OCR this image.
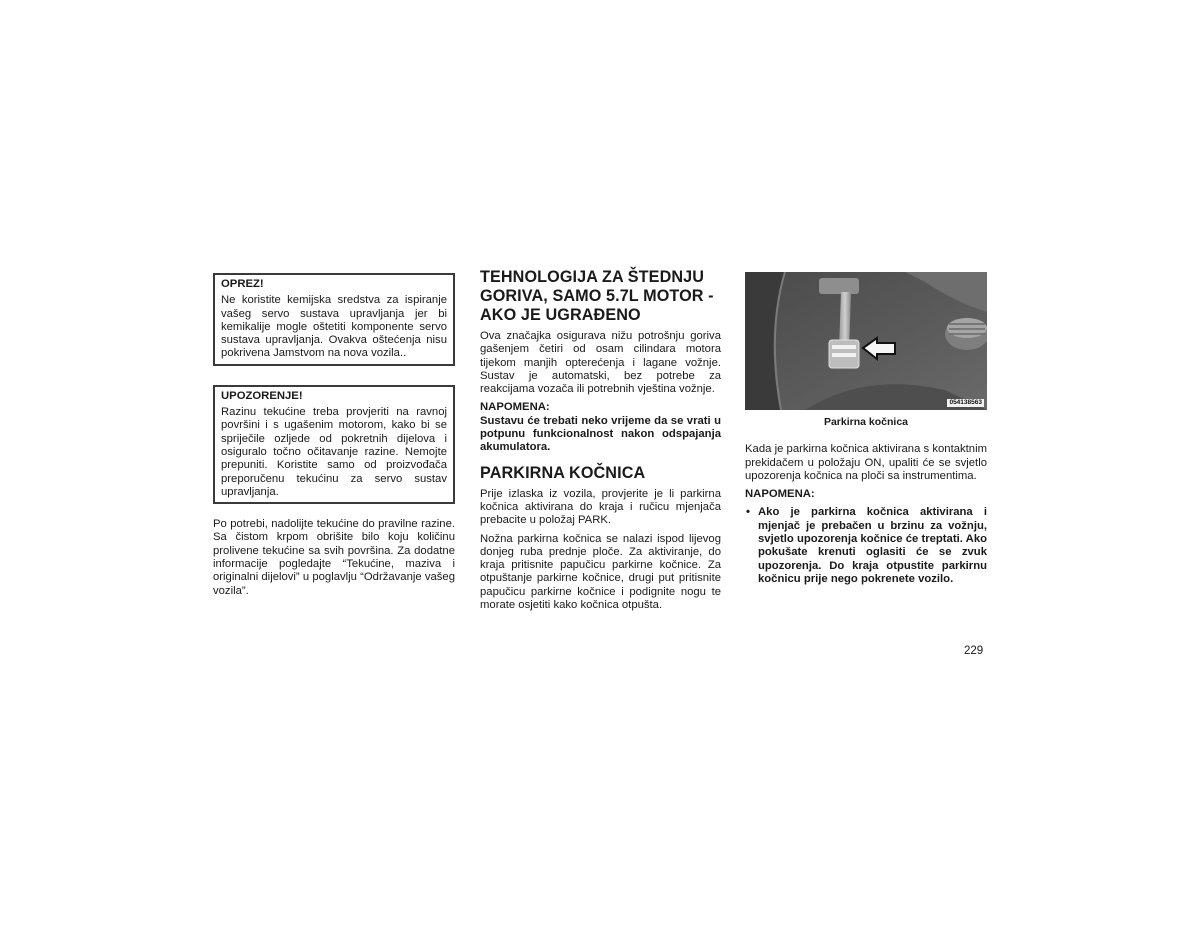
OPREZ!

Ne koristite kemijska sredstva za ispiranje vašeg servo sustava upravljanja jer bi kemikalije mogle oštetiti komponente servo sustava upravljanja. Ovakva oštećenja nisu pokrivena Jamstvom na nova vozila..

UPOZORENJE!

Razinu tekućine treba provjeriti na ravnoj površini i s ugašenim motorom, kako bi se spriječile ozljede od pokretnih dijelova i osiguralo točno očitavanje razine. Nemojte prepuniti. Koristite samo od proizvođača preporučenu tekućinu za servo sustav upravljanja.

Po potrebi, nadolijte tekućine do pravilne razine. Sa čistom krpom obrišite bilo koju količinu prolivene tekućine sa svih površina. Za dodatne informacije pogledajte “Tekućine, maziva i originalni dijelovi” u poglavlju “Održavanje vašeg vozila”.

TEHNOLOGIJA ZA ŠTEDNJU GORIVA, SAMO 5.7L MOTOR - AKO JE UGRAĐENO

Ova značajka osigurava nižu potrošnju goriva gašenjem četiri od osam cilindara motora tijekom manjih opterećenja i lagane vožnje. Sustav je automatski, bez potrebe za reakcijama vozača ili potrebnih vještina vožnje.

NAPOMENA:

Sustavu će trebati neko vrijeme da se vrati u potpunu funkcionalnost nakon odspajanja akumulatora.

PARKIRNA KOČNICA

Prije izlaska iz vozila, provjerite je li parkirna kočnica aktivirana do kraja i ručicu mjenjača prebacite u položaj PARK.

Nožna parkirna kočnica se nalazi ispod lijevog donjeg ruba prednje ploče. Za aktiviranje, do kraja pritisnite papučicu parkirne kočnice. Za otpuštanje parkirne kočnice, drugi put pritisnite papučicu parkirne kočnice i podignite nogu te morate osjetiti kako kočnica otpušta.

054138563
Parkirna kočnica

Kada je parkirna kočnica aktivirana s kontaktnim prekidačem u položaju ON, upaliti će se svjetlo upozorenja kočnica na ploči sa instrumentima.

NAPOMENA:

• Ako je parkirna kočnica aktivirana i mjenjač je prebačen u brzinu za vožnju, svjetlo upozorenja kočnice će treptati. Ako pokušate krenuti oglasiti će se zvuk upozorenja. Do kraja otpustite parkirnu kočnicu prije nego pokrenete vozilo.
229
